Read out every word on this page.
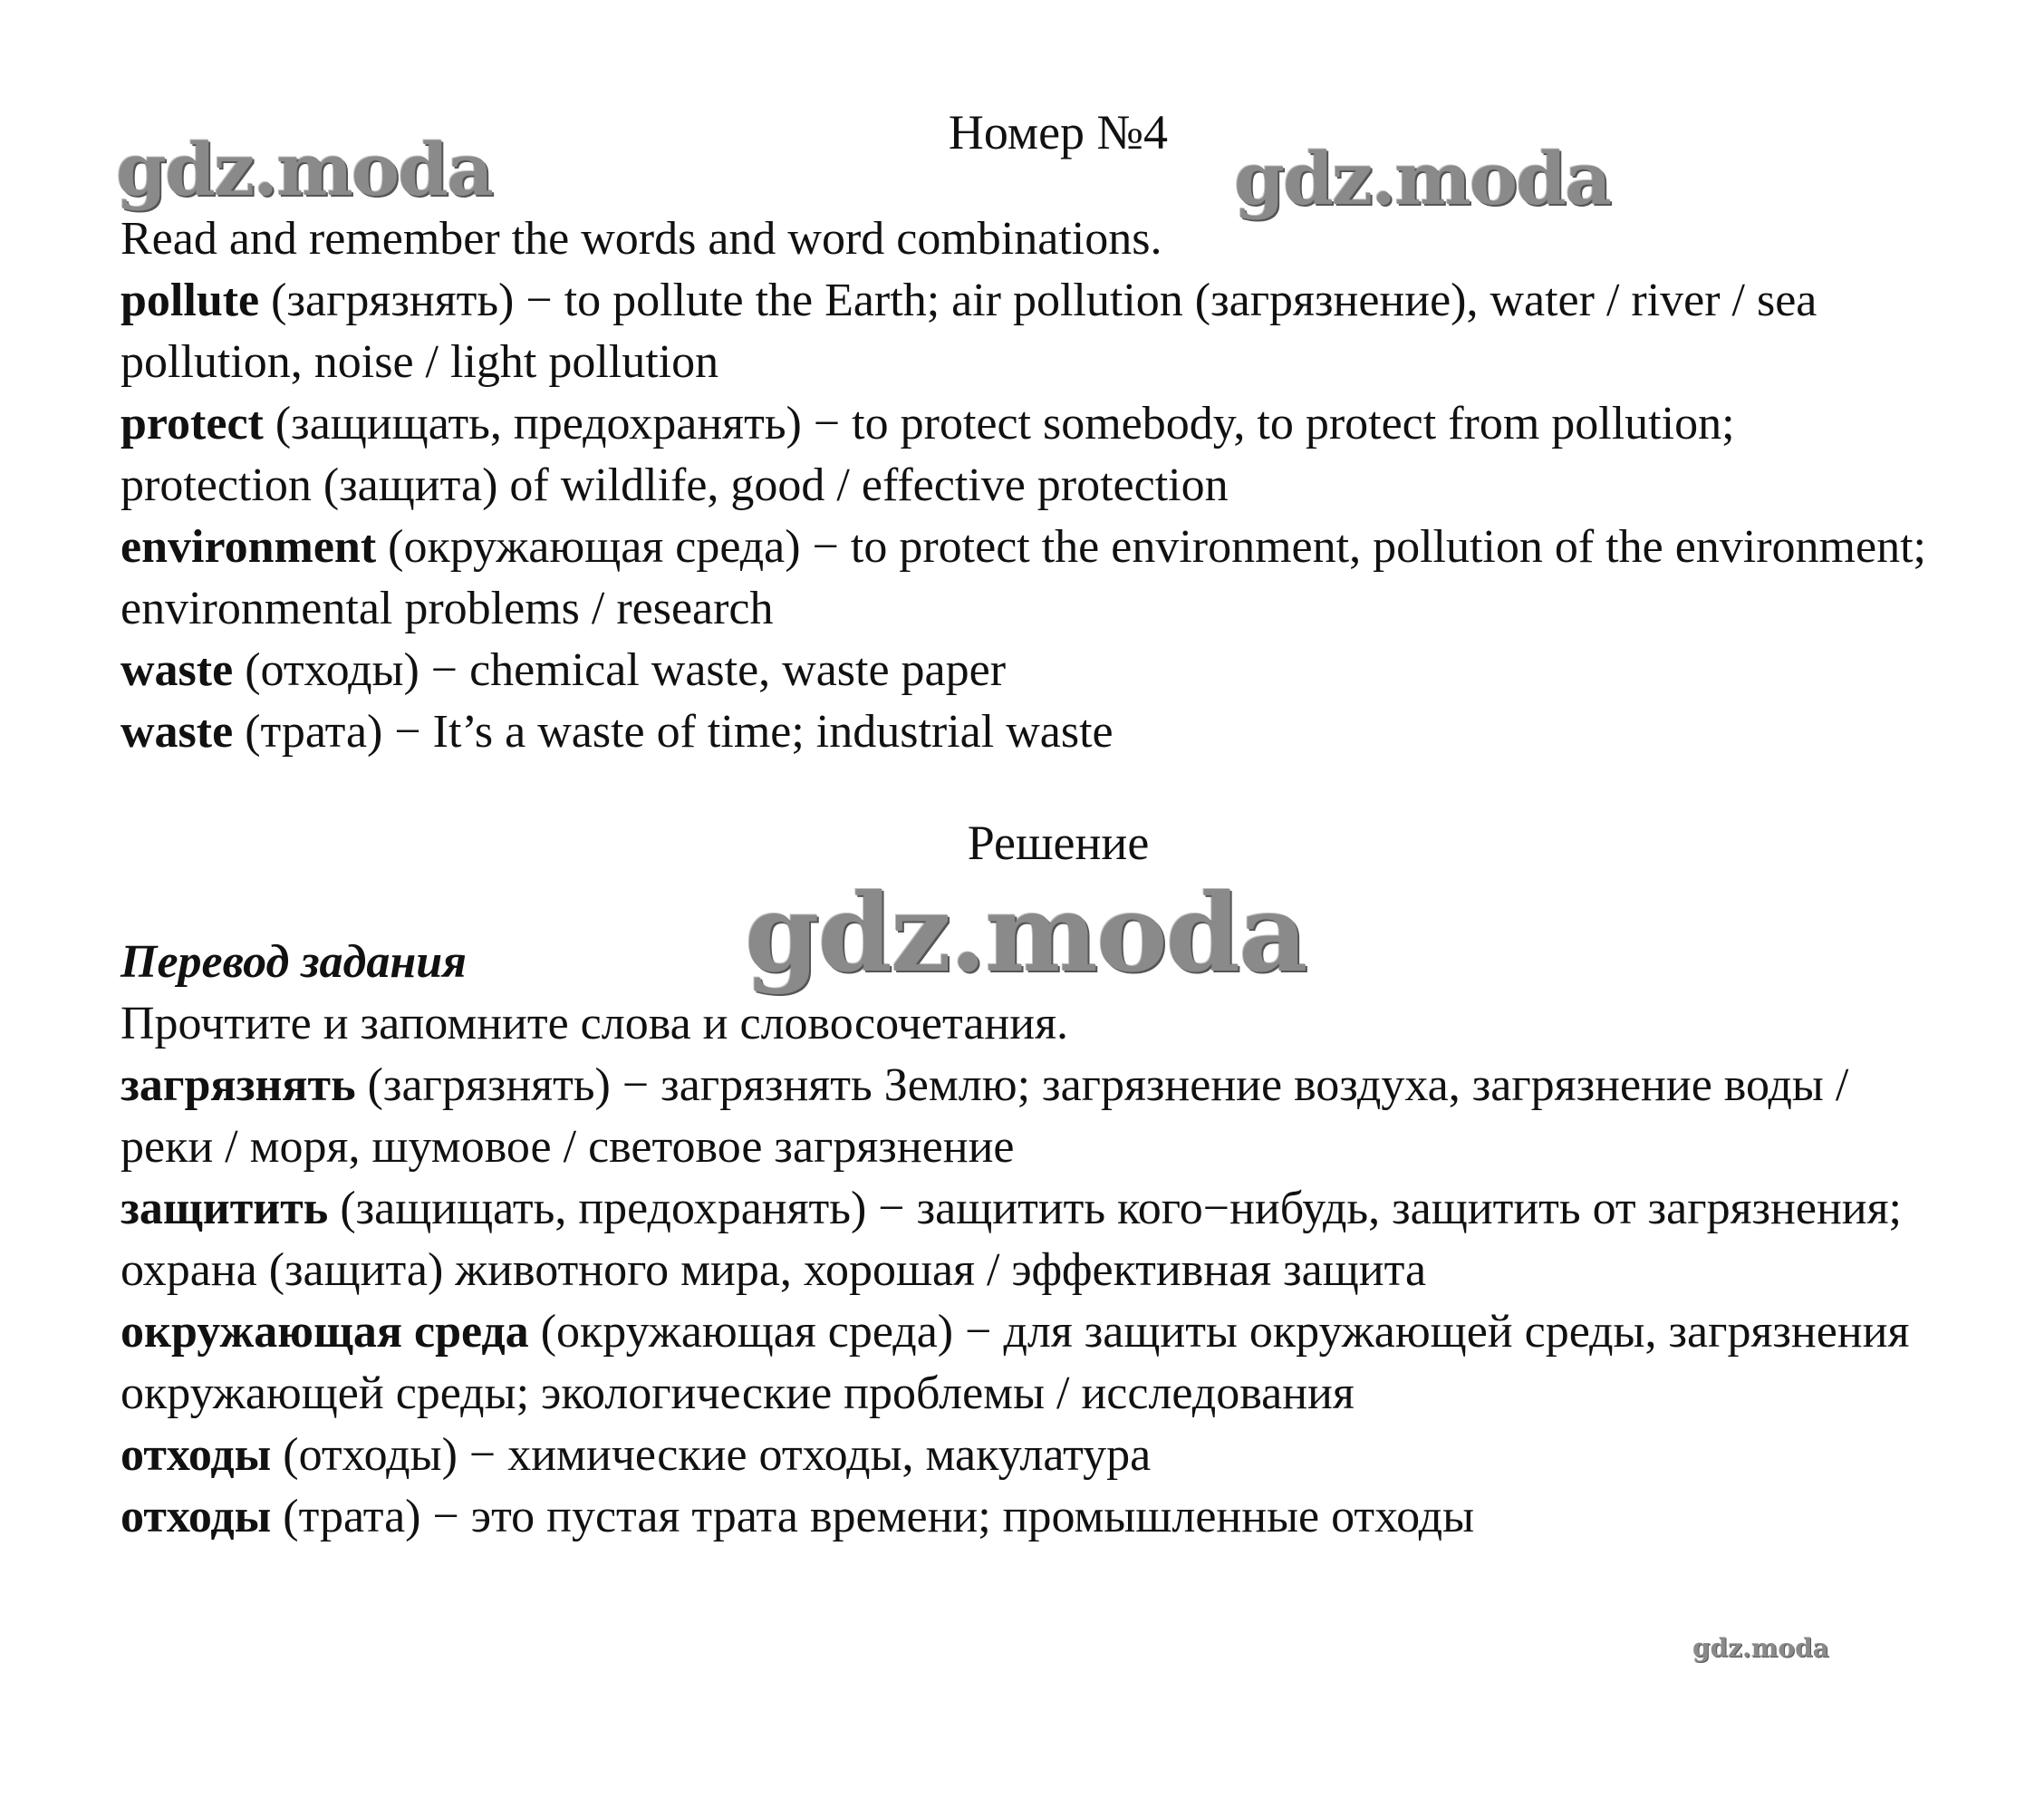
gdz.moda	gdz.moda
Номер №4

Read and remember the words and word combinations.

pollute (загрязнять) − to pollute the Earth; air pollution (загрязнение), water / river / sea pollution, noise / light pollution

protect (защищать, предохранять) − to protect somebody, to protect from pollution; protection (защита) of wildlife, good / effective protection

environment (окружающая среда) − to protect the environment, pollution of the environment; environmental problems / research

waste (отходы) − chemical waste, waste paper

waste (трата) − It’s a waste of time; industrial waste

Решение
gdz.moda

Перевод задания

Прочтите и запомните слова и словосочетания.

загрязнять (загрязнять) − загрязнять Землю; загрязнение воздуха, загрязнение воды / реки / моря, шумовое / световое загрязнение

защитить (защищать, предохранять) − защитить кого−нибудь, защитить от загрязнения; охрана (защита) животного мира, хорошая / эффективная защита

окружающая среда (окружающая среда) − для защиты окружающей среды, загрязнения окружающей среды; экологические проблемы / исследования

отходы (отходы) − химические отходы, макулатура

отходы (трата) − это пустая трата времени; промышленные отходы

gdz.moda
